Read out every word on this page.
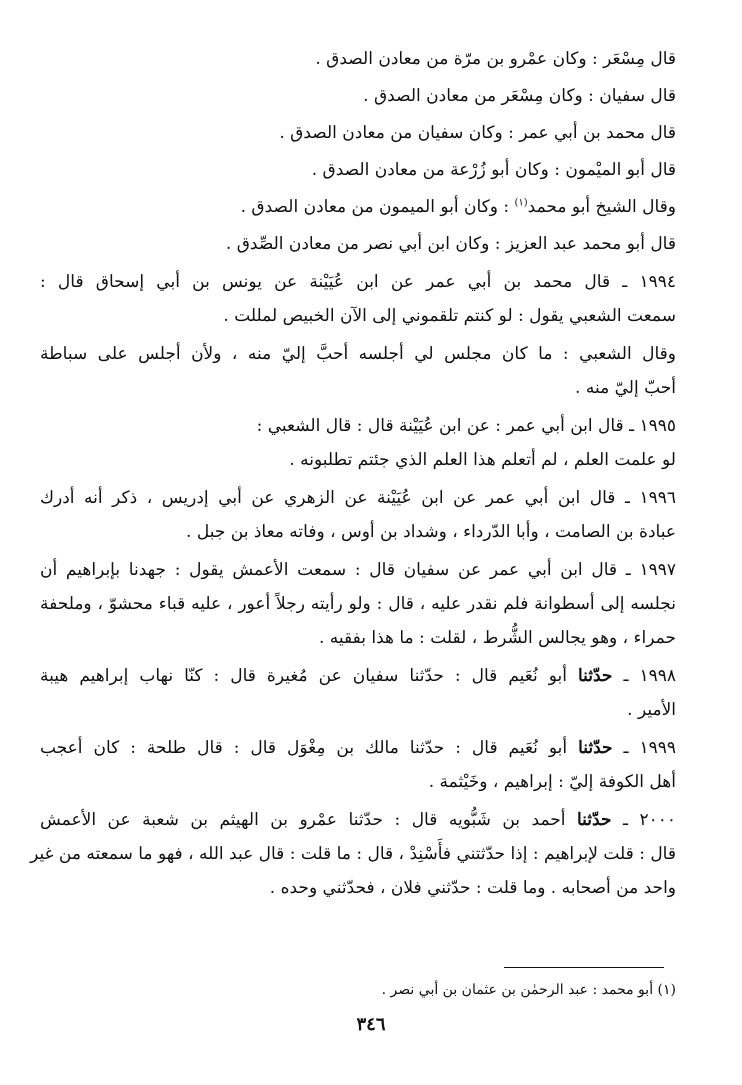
قال مِسْعَر : وكان عمْرو بن مرّة من معادن الصدق .
قال سفيان : وكان مِسْعَر من معادن الصدق .
قال محمد بن أبي عمر : وكان سفيان من معادن الصدق .
قال أبو الميْمون : وكان أبو زُرْعة من معادن الصدق .
وقال الشيخ أبو محمد$^{(١)}$ : وكان أبو الميمون من معادن الصدق .
قال أبو محمد عبد العزيز : وكان ابن أبي نصر من معادن الصِّدق .
١٩٩٤ ـ قال محمد بن أبي عمر عن ابن عُيَيْنة عن يونس بن أبي إسحاق قال :
سمعت الشعبي يقول : لو كنتم تلقموني إلى الآن الخبيص لمللت .
وقال الشعبي : ما كان مجلس لي أجلسه أحبَّ إليّ منه ، ولأن أجلس على سباطة
أحبّ إليّ منه .
١٩٩٥ ـ قال ابن أبي عمر : عن ابن عُيَيْنة قال : قال الشعبي :
لو علمت العلم ، لم أتعلم هذا العلم الذي جئتم تطلبونه .
١٩٩٦ ـ قال ابن أبي عمر عن ابن عُيَيْنة عن الزهري عن أبي إدريس ، ذكر أنه أدرك
عبادة بن الصامت ، وأبا الدّرداء ، وشداد بن أوس ، وفاته معاذ بن جبل .
١٩٩٧ ـ قال ابن أبي عمر عن سفيان قال : سمعت الأعمش يقول : جهدنا بإبراهيم أن
نجلسه إلى أسطوانة فلم نقدر عليه ، قال : ولو رأيته رجلاً أعور ، عليه قباء محشوّ ، وملحفة
حمراء ، وهو يجالس الشُّرط ، لقلت : ما هذا بفقيه .
١٩٩٨ ـ حدّثنا أبو نُعَيم قال : حدّثنا سفيان عن مُغيرة قال : كنّا نهاب إبراهيم هيبة
الأمير .
١٩٩٩ ـ حدّثنا أبو نُعَيم قال : حدّثنا مالك بن مِغْوَل قال : قال طلحة : كان أعجب
أهل الكوفة إليّ : إبراهيم ، وخَيْثمة .
٢٠٠٠ ـ حدّثنا أحمد بن شَبُّويه قال : حدّثنا عمْرو بن الهيثم بن شعبة عن الأعمش
قال : قلت لإبراهيم : إذا حدّثتني فأَسْنِدْ ، قال : ما قلت : قال عبد الله ، فهو ما سمعته من غير
واحد من أصحابه . وما قلت : حدّثني فلان ، فحدّثني وحده .
(١) أبو محمد : عبد الرحمٰن بن عثمان بن أبي نصر .
٣٤٦
